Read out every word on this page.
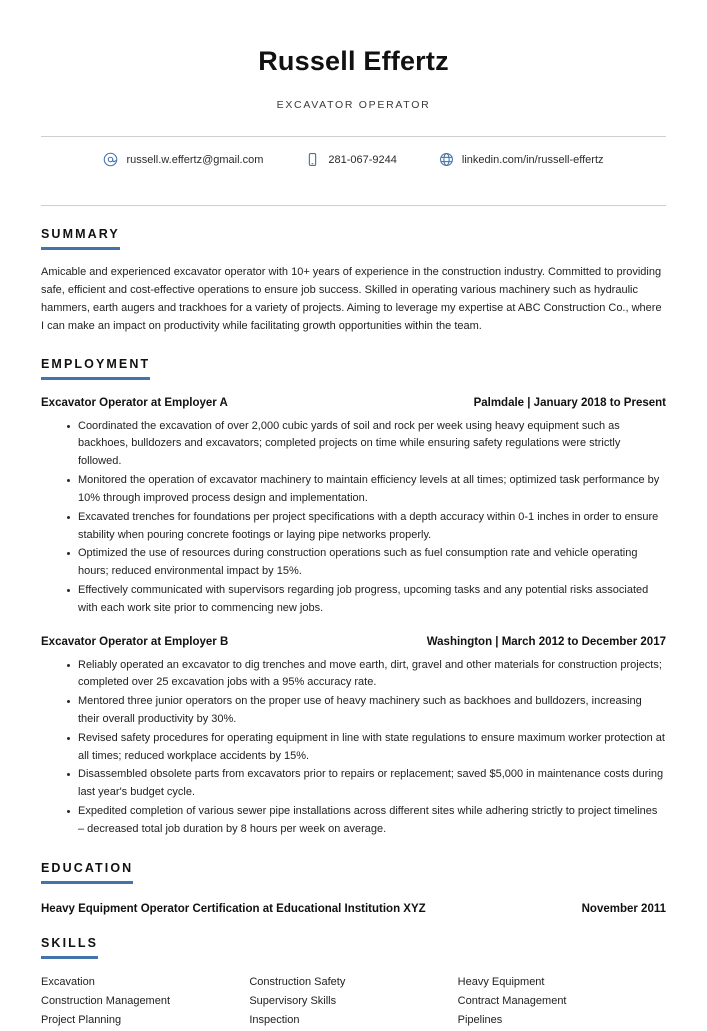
Russell Effertz
EXCAVATOR OPERATOR
russell.w.effertz@gmail.com	281-067-9244	linkedin.com/in/russell-effertz
SUMMARY

Amicable and experienced excavator operator with 10+ years of experience in the construction industry. Committed to providing safe, efficient and cost-effective operations to ensure job success. Skilled in operating various machinery such as hydraulic hammers, earth augers and trackhoes for a variety of projects. Aiming to leverage my expertise at ABC Construction Co., where I can make an impact on productivity while facilitating growth opportunities within the team.

EMPLOYMENT
Excavator Operator at Employer A	Palmdale | January 2018 to Present
Coordinated the excavation of over 2,000 cubic yards of soil and rock per week using heavy equipment such as backhoes, bulldozers and excavators; completed projects on time while ensuring safety regulations were strictly followed.
Monitored the operation of excavator machinery to maintain efficiency levels at all times; optimized task performance by 10% through improved process design and implementation.
Excavated trenches for foundations per project specifications with a depth accuracy within 0-1 inches in order to ensure stability when pouring concrete footings or laying pipe networks properly.
Optimized the use of resources during construction operations such as fuel consumption rate and vehicle operating hours; reduced environmental impact by 15%.
Effectively communicated with supervisors regarding job progress, upcoming tasks and any potential risks associated with each work site prior to commencing new jobs.
Excavator Operator at Employer B	Washington | March 2012 to December 2017
Reliably operated an excavator to dig trenches and move earth, dirt, gravel and other materials for construction projects; completed over 25 excavation jobs with a 95% accuracy rate.
Mentored three junior operators on the proper use of heavy machinery such as backhoes and bulldozers, increasing their overall productivity by 30%.
Revised safety procedures for operating equipment in line with state regulations to ensure maximum worker protection at all times; reduced workplace accidents by 15%.
Disassembled obsolete parts from excavators prior to repairs or replacement; saved $5,000 in maintenance costs during last year's budget cycle.
Expedited completion of various sewer pipe installations across different sites while adhering strictly to project timelines – decreased total job duration by 8 hours per week on average.
EDUCATION
Heavy Equipment Operator Certification at Educational Institution XYZ	November 2011
SKILLS
Excavation	Construction Safety	Heavy Equipment
Construction Management	Supervisory Skills	Contract Management
Project Planning	Inspection	Pipelines
